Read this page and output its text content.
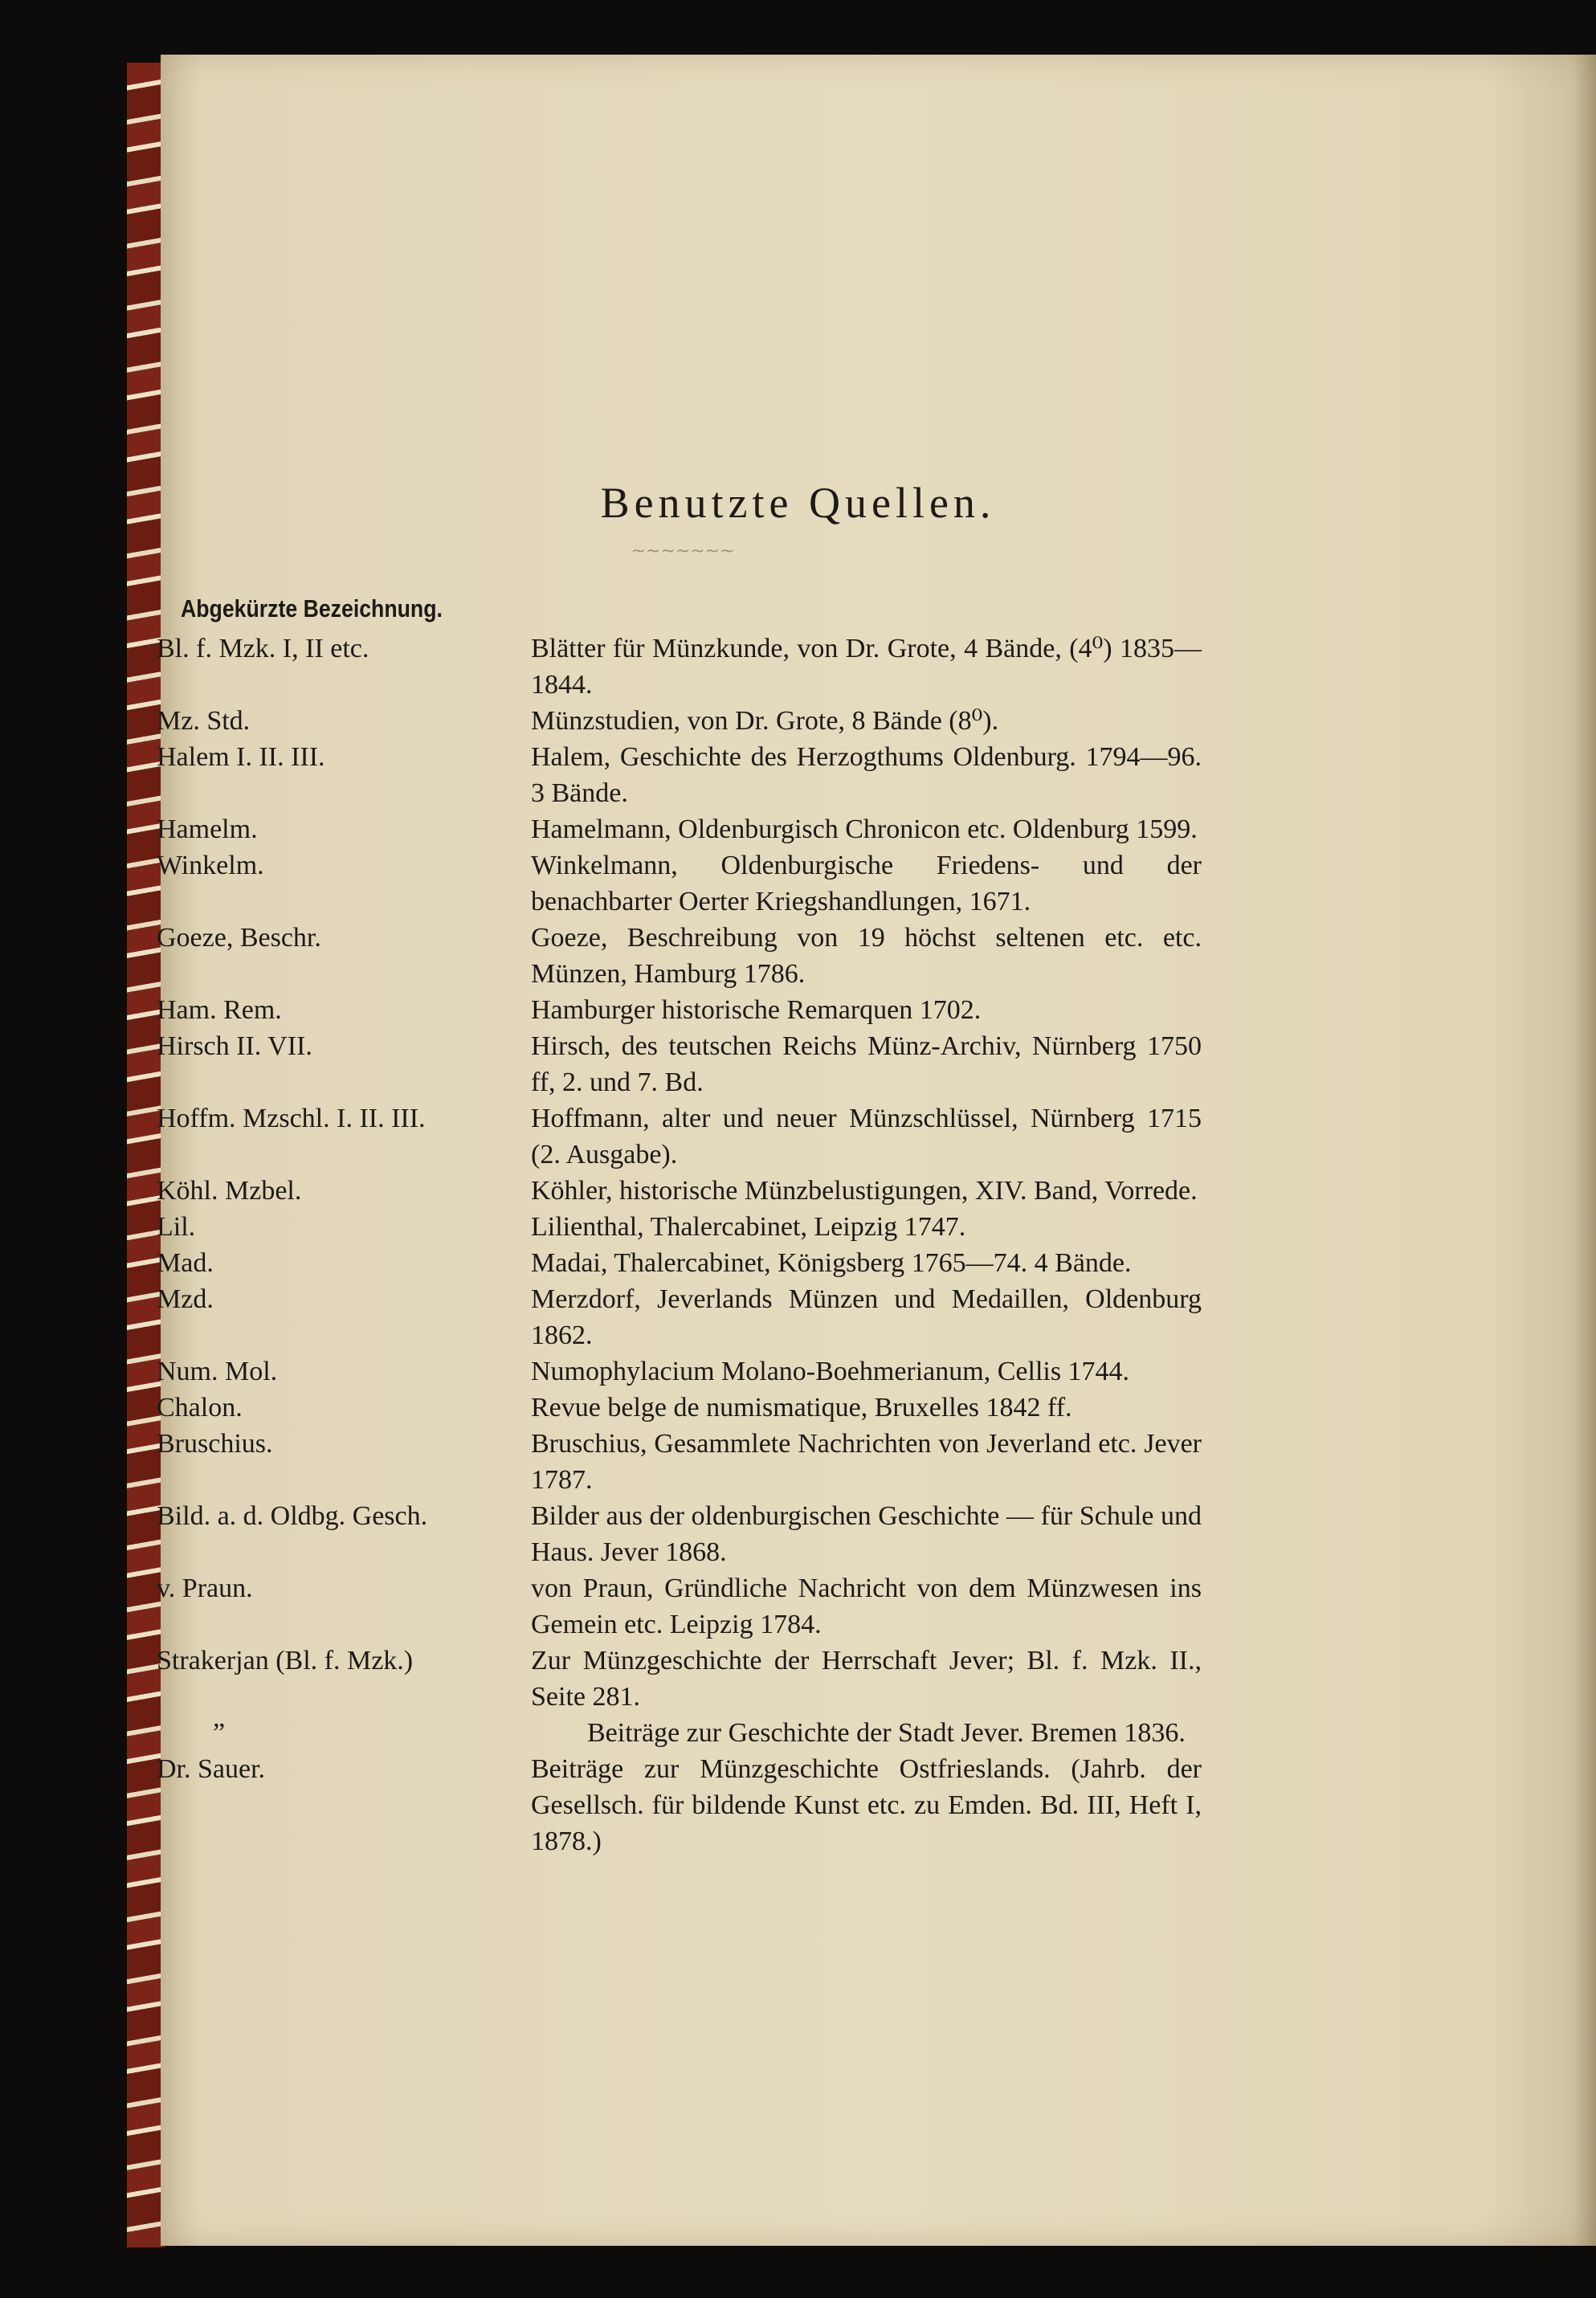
Benutzte Quellen.
~~~~~~~
Abgekürzte Bezeichnung.
Bl. f. Mzk. I, II etc.	Blätter für Münzkunde, von Dr. Grote, 4 Bände, (4⁰) 1835—1844.
Mz. Std.	Münzstudien, von Dr. Grote, 8 Bände (8⁰).
Halem I. II. III.	Halem, Geschichte des Herzogthums Oldenburg. 1794—96. 3 Bände.
Hamelm.	Hamelmann, Oldenburgisch Chronicon etc. Oldenburg 1599.
Winkelm.	Winkelmann, Oldenburgische Friedens- und der benachbarter Oerter Kriegshandlungen, 1671.
Goeze, Beschr.	Goeze, Beschreibung von 19 höchst seltenen etc. etc. Münzen, Hamburg 1786.
Ham. Rem.	Hamburger historische Remarquen 1702.
Hirsch II. VII.	Hirsch, des teutschen Reichs Münz-Archiv, Nürnberg 1750 ff, 2. und 7. Bd.
Hoffm. Mzschl. I. II. III.	Hoffmann, alter und neuer Münzschlüssel, Nürnberg 1715 (2. Ausgabe).
Köhl. Mzbel.	Köhler, historische Münzbelustigungen, XIV. Band, Vorrede.
Lil.	Lilienthal, Thalercabinet, Leipzig 1747.
Mad.	Madai, Thalercabinet, Königsberg 1765—74. 4 Bände.
Mzd.	Merzdorf, Jeverlands Münzen und Medaillen, Oldenburg 1862.
Num. Mol.	Numophylacium Molano-Boehmerianum, Cellis 1744.
Chalon.	Revue belge de numismatique, Bruxelles 1842 ff.
Bruschius.	Bruschius, Gesammlete Nachrichten von Jeverland etc. Jever 1787.
Bild. a. d. Oldbg. Gesch.	Bilder aus der oldenburgischen Geschichte — für Schule und Haus. Jever 1868.
v. Praun.	von Praun, Gründliche Nachricht von dem Münzwesen ins Gemein etc. Leipzig 1784.
Strakerjan (Bl. f. Mzk.)	Zur Münzgeschichte der Herrschaft Jever; Bl. f. Mzk. II., Seite 281.
”	Beiträge zur Geschichte der Stadt Jever. Bremen 1836.
Dr. Sauer.	Beiträge zur Münzgeschichte Ostfrieslands. (Jahrb. der Gesellsch. für bildende Kunst etc. zu Emden. Bd. III, Heft I, 1878.)
